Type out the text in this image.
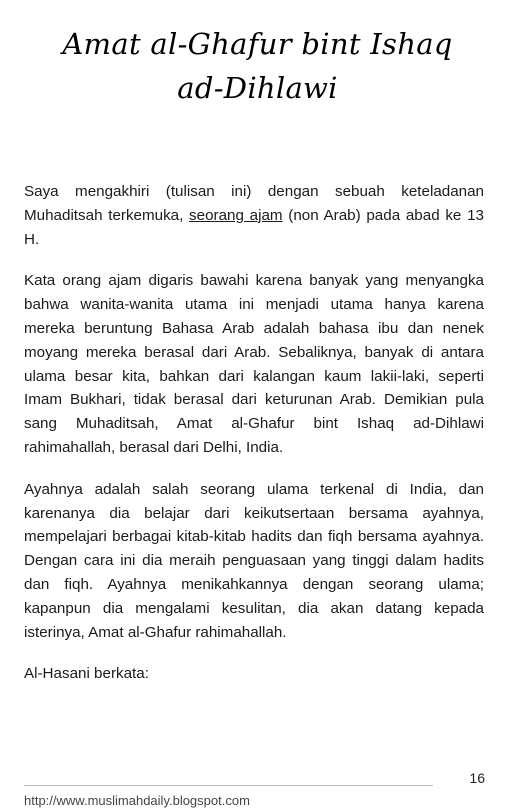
Amat al-Ghafur bint Ishaq
ad-Dihlawi

Saya mengakhiri (tulisan ini) dengan sebuah keteladanan Muhaditsah terkemuka, seorang ajam (non Arab) pada abad ke 13 H.

Kata orang ajam digaris bawahi karena banyak yang menyangka bahwa wanita-wanita utama ini menjadi utama hanya karena mereka beruntung Bahasa Arab adalah bahasa ibu dan nenek moyang mereka berasal dari Arab. Sebaliknya, banyak di antara ulama besar kita, bahkan dari kalangan kaum lakii-laki, seperti Imam Bukhari, tidak berasal dari keturunan Arab. Demikian pula sang Muhaditsah, Amat al-Ghafur bint Ishaq ad-Dihlawi rahimahallah, berasal dari Delhi, India.

Ayahnya adalah salah seorang ulama terkenal di India, dan karenanya dia belajar dari keikutsertaan bersama ayahnya, mempelajari berbagai kitab-kitab hadits dan fiqh bersama ayahnya. Dengan cara ini dia meraih penguasaan yang tinggi dalam hadits dan fiqh. Ayahnya menikahkannya dengan seorang ulama; kapanpun dia mengalami kesulitan, dia akan datang kepada isterinya, Amat al-Ghafur rahimahallah.

Al-Hasani berkata:

16
http://www.muslimahdaily.blogspot.com
